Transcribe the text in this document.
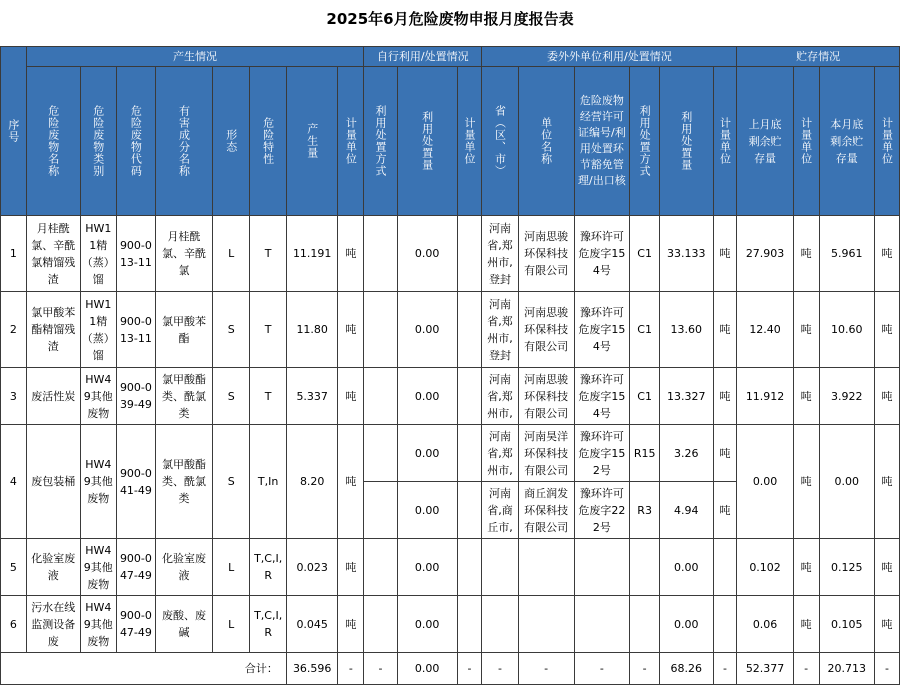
2025年6月危险废物申报月度报告表
序号	产生情况								自行利用/处置情况			委外外单位利用/处置情况						贮存情况			

	危险废物名称	危险废物类别	危险废物代码	有害成分名称	形态	危险特性	产生量	计量单位	利用处置方式	利用处置量	计量单位	省（区、市）	单位名称	危险废物经营许可证编号/利用处置环节豁免管理/出口核	利用处置方式	利用处置量	计量单位	上月底剩余贮存量	计量单位	本月底剩余贮存量	计量单位

1	月桂酰氯、辛酰氯精馏残渣	HW11精（蒸）馏	900-013-11	月桂酰氯、辛酰氯	L	T	11.191	吨		0.00		河南省,郑州市,登封	河南思骏环保科技有限公司	豫环许可危废字154号	C1	33.133	吨	27.903	吨	5.961	吨
2	氯甲酸苯酯精馏残渣	HW11精（蒸）馏	900-013-11	氯甲酸苯酯	S	T	11.80	吨		0.00		河南省,郑州市,登封	河南思骏环保科技有限公司	豫环许可危废字154号	C1	13.60	吨	12.40	吨	10.60	吨
3	废活性炭	HW49其他废物	900-039-49	氯甲酸酯类、酰氯类	S	T	5.337	吨		0.00		河南省,郑州市,	河南思骏环保科技有限公司	豫环许可危废字154号	C1	13.327	吨	11.912	吨	3.922	吨
4	废包装桶	HW49其他废物	900-041-49	氯甲酸酯类、酰氯类	S	T,In	8.20	吨		0.00		河南省,郑州市,	河南昊洋环保科技有限公司	豫环许可危废字152号	R15	3.26	吨	0.00	吨	0.00	吨
										0.00		河南省,商丘市,	商丘润发环保科技有限公司	豫环许可危废字222号	R3	4.94	吨				
5	化验室废液	HW49其他废物	900-047-49	化验室废液	L	T,C,I,R	0.023	吨		0.00						0.00		0.102	吨	0.125	吨
6	污水在线监测设备废	HW49其他废物	900-047-49	废酸、废碱	L	T,C,I,R	0.045	吨		0.00						0.00		0.06	吨	0.105	吨
合计：							36.596	-	-	0.00	-	-	-	-	-	68.26	-	52.377	-	20.713	-
